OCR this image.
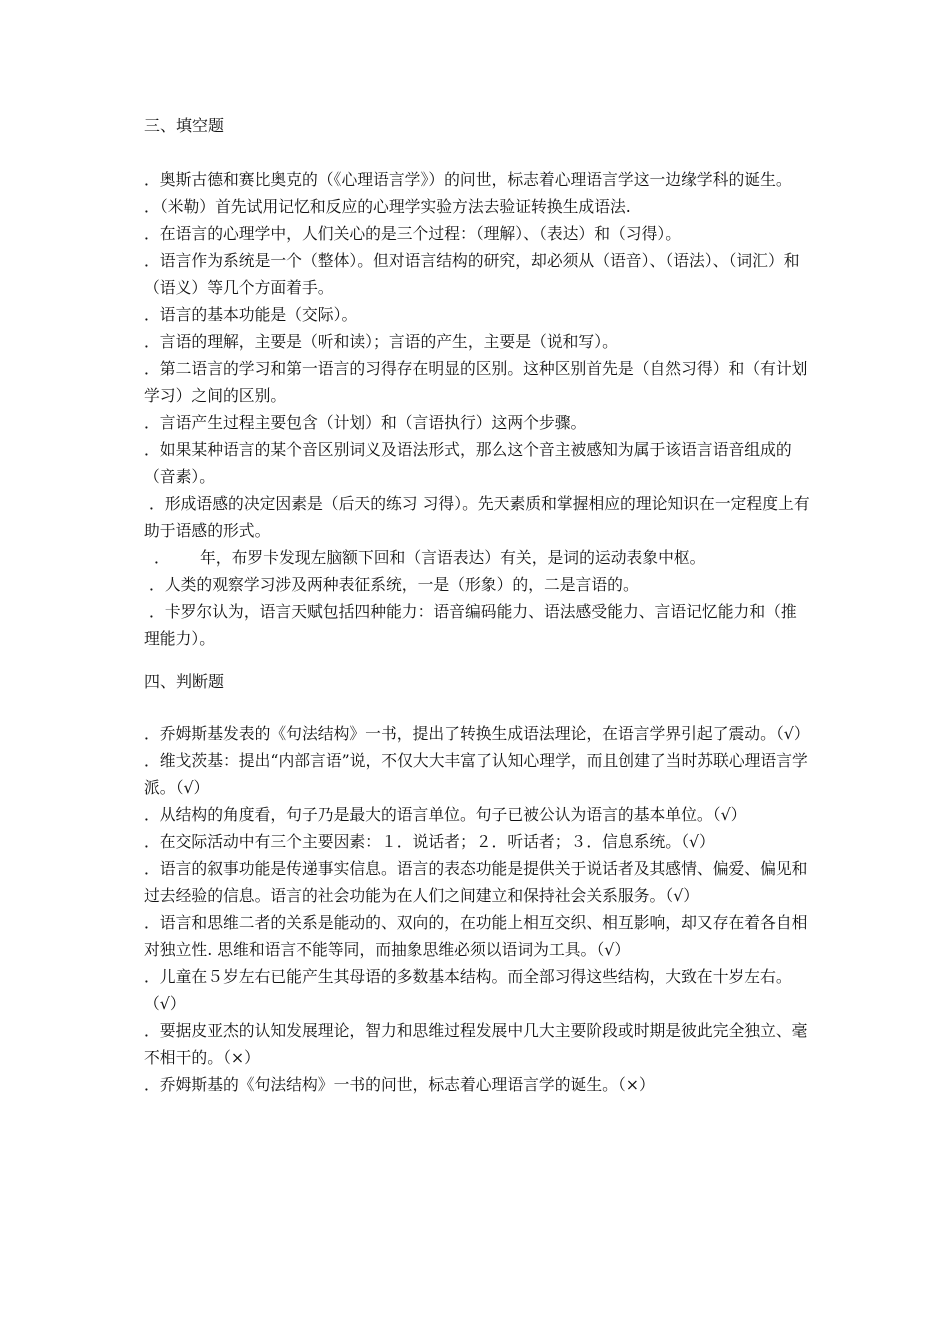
三、填空题

．奥斯古德和赛比奥克的（《心理语言学》）的问世，标志着心理语言学这一边缘学科的诞生。

．（米勒）首先试用记忆和反应的心理学实验方法去验证转换生成语法.

．在语言的心理学中，人们关心的是三个过程：（理解）、（表达）和（习得）。

．语言作为系统是一个（整体）。但对语言结构的研究，却必须从（语音）、（语法）、（词汇）和（语义）等几个方面着手。

．语言的基本功能是（交际）。

．言语的理解，主要是（听和读）；言语的产生，主要是（说和写）。

．第二语言的学习和第一语言的习得存在明显的区别。这种区别首先是（自然习得）和（有计划学习）之间的区别。

．言语产生过程主要包含（计划）和（言语执行）这两个步骤。

．如果某种语言的某个音区别词义及语法形式，那么这个音主被感知为属于该语言语音组成的（音素）。

．形成语感的决定因素是（后天的练习 习得）。先天素质和掌握相应的理论知识在一定程度上有助于语感的形式。

．      年，布罗卡发现左脑额下回和（言语表达）有关，是词的运动表象中枢。

．人类的观察学习涉及两种表征系统，一是（形象）的，二是言语的。

．卡罗尔认为，语言天赋包括四种能力：语音编码能力、语法感受能力、言语记忆能力和（推理能力）。

四、判断题

．乔姆斯基发表的《句法结构》一书，提出了转换生成语法理论，在语言学界引起了震动。（√）

．维戈茨基：提出“内部言语”说，不仅大大丰富了认知心理学，而且创建了当时苏联心理语言学派。（√）

．从结构的角度看，句子乃是最大的语言单位。句子已被公认为语言的基本单位。（√）

．在交际活动中有三个主要因素：１．说话者；２．听话者；３．信息系统。（√）

．语言的叙事功能是传递事实信息。语言的表态功能是提供关于说话者及其感情、偏爱、偏见和过去经验的信息。语言的社会功能为在人们之间建立和保持社会关系服务。（√）

．语言和思维二者的关系是能动的、双向的，在功能上相互交织、相互影响，却又存在着各自相对独立性. 思维和语言不能等同，而抽象思维必须以语词为工具。（√）

．儿童在５岁左右已能产生其母语的多数基本结构。而全部习得这些结构，大致在十岁左右。（√）

．要据皮亚杰的认知发展理论，智力和思维过程发展中几大主要阶段或时期是彼此完全独立、毫不相干的。（×）

．乔姆斯基的《句法结构》一书的问世，标志着心理语言学的诞生。（×）
